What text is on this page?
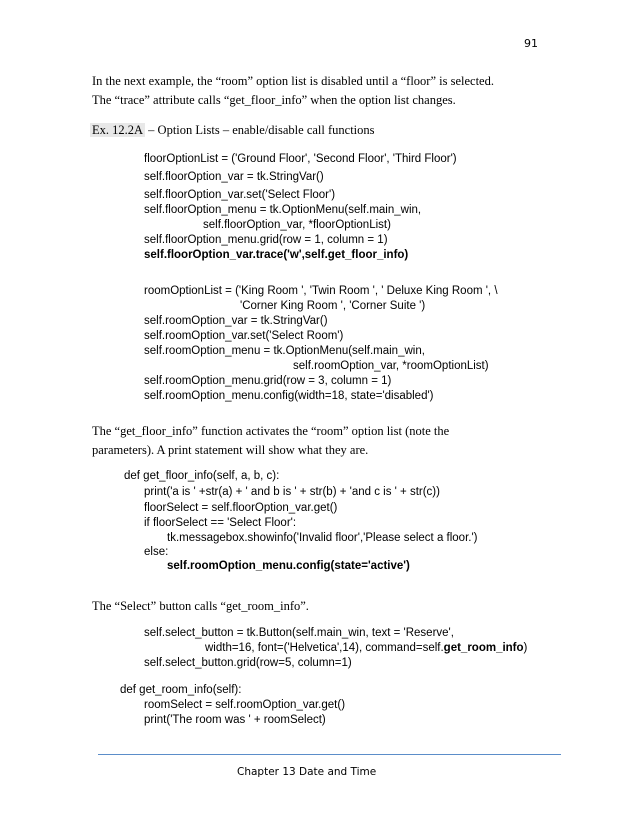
91
In the next example, the “room” option list is disabled until a “floor” is selected.
The “trace” attribute calls “get_floor_info” when the option list changes.
Ex. 12.2A – Option Lists – enable/disable call functions
floorOptionList = ('Ground Floor', 'Second Floor', 'Third Floor')
self.floorOption_var = tk.StringVar()
self.floorOption_var.set('Select Floor')
self.floorOption_menu = tk.OptionMenu(self.main_win,
self.floorOption_var, *floorOptionList)
self.floorOption_menu.grid(row = 1, column = 1)
self.floorOption_var.trace('w',self.get_floor_info)
roomOptionList = ('King Room ', 'Twin Room ', ' Deluxe King Room ', \
'Corner King Room ', 'Corner Suite ')
self.roomOption_var = tk.StringVar()
self.roomOption_var.set('Select Room')
self.roomOption_menu = tk.OptionMenu(self.main_win,
self.roomOption_var, *roomOptionList)
self.roomOption_menu.grid(row = 3, column = 1)
self.roomOption_menu.config(width=18, state='disabled')
The “get_floor_info” function activates the “room” option list (note the
parameters). A print statement will show what they are.
def get_floor_info(self, a, b, c):
print('a is ' +str(a) + ' and b is ' + str(b) + 'and c is ' + str(c))
floorSelect = self.floorOption_var.get()
if floorSelect == 'Select Floor':
tk.messagebox.showinfo('Invalid floor','Please select a floor.')
else:
self.roomOption_menu.config(state='active')
The “Select” button calls “get_room_info”.
self.select_button = tk.Button(self.main_win, text = 'Reserve',
width=16, font=('Helvetica',14), command=self.get_room_info)
self.select_button.grid(row=5, column=1)
def get_room_info(self):
roomSelect = self.roomOption_var.get()
print('The room was ' + roomSelect)
Chapter 13 Date and Time
